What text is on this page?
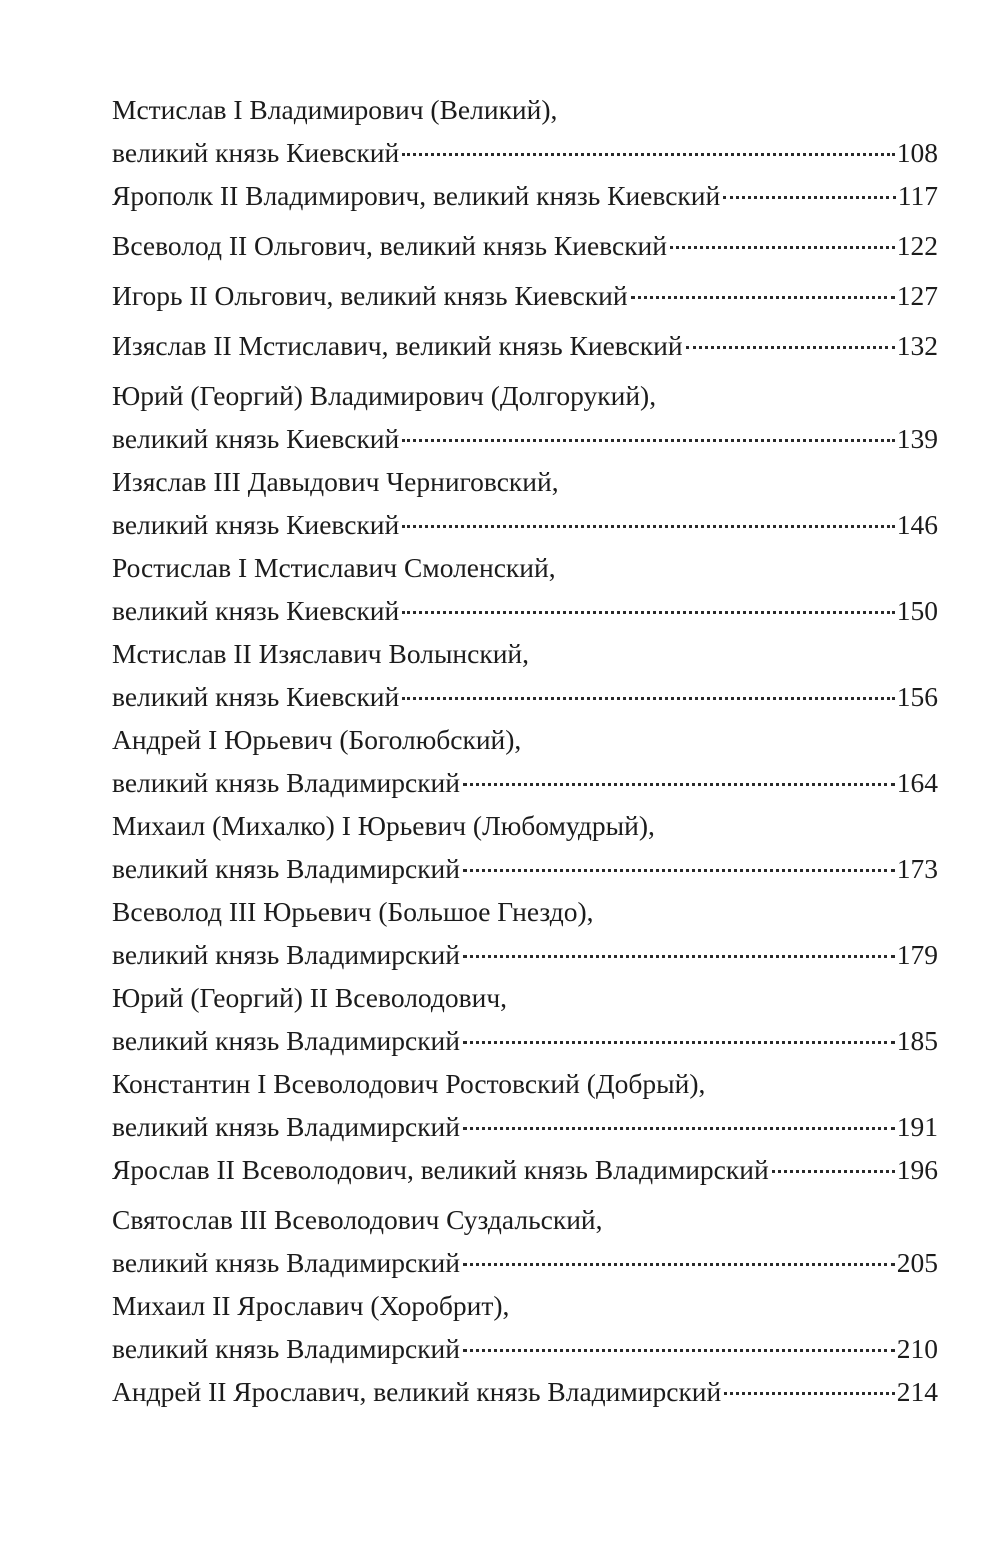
Мстислав I Владимирович (Великий),
великий князь Киевский	108
Ярополк II Владимирович, великий князь Киевский	117
Всеволод II Ольгович, великий князь Киевский	122
Игорь II Ольгович, великий князь Киевский	127
Изяслав II Мстиславич, великий князь Киевский	132
Юрий (Георгий) Владимирович (Долгорукий),
великий князь Киевский	139
Изяслав III Давыдович Черниговский,
великий князь Киевский	146
Ростислав I Мстиславич Смоленский,
великий князь Киевский	150
Мстислав II Изяславич Волынский,
великий князь Киевский	156
Андрей I Юрьевич (Боголюбский),
великий князь Владимирский	164
Михаил (Михалко) I Юрьевич (Любомудрый),
великий князь Владимирский	173
Всеволод III Юрьевич (Большое Гнездо),
великий князь Владимирский	179
Юрий (Георгий) II Всеволодович,
великий князь Владимирский	185
Константин I Всеволодович Ростовский (Добрый),
великий князь Владимирский	191
Ярослав II Всеволодович, великий князь Владимирский	196
Святослав III Всеволодович Суздальский,
великий князь Владимирский	205
Михаил II Ярославич (Хоробрит),
великий князь Владимирский	210
Андрей II Ярославич, великий князь Владимирский	214
